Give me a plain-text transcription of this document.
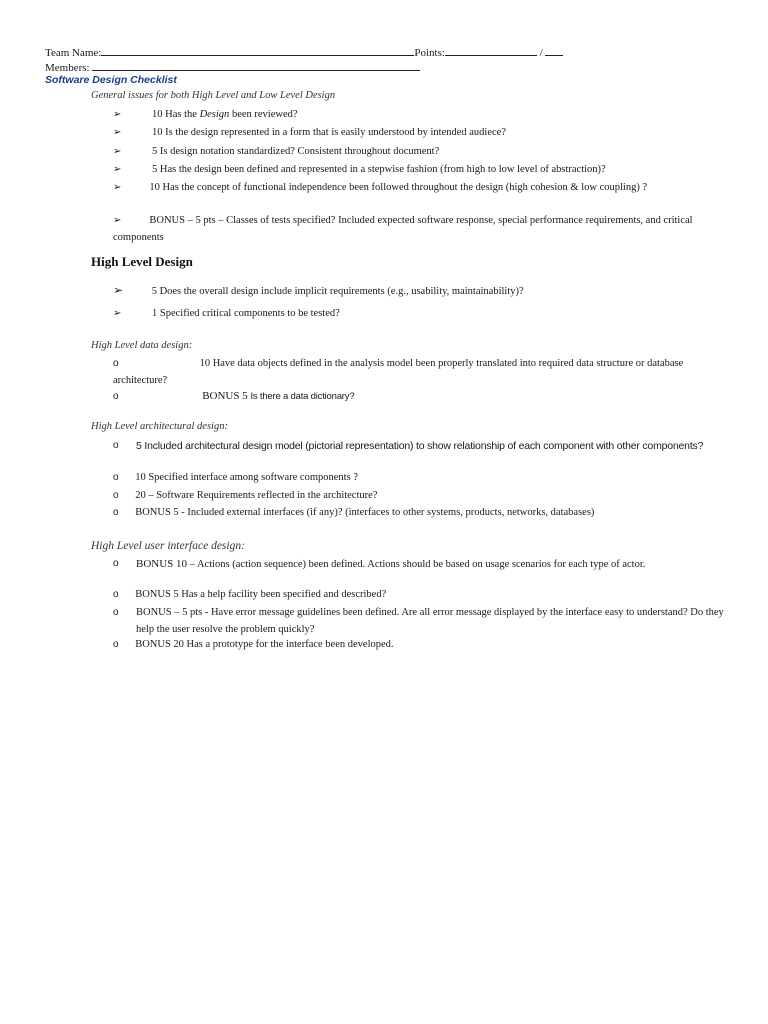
Team Name:	Points:	/
Members:
Software Design Checklist
General issues for both High Level and Low Level Design
➢	10 Has the Design been reviewed?
➢	10 Is the design represented in a form that is easily understood by intended audiece?
➢	5 Is design notation standardized? Consistent throughout document?
➢	5 Has the design been defined and represented in a stepwise fashion (from high to low level of abstraction)?
➢	10 Has the concept of functional independence been followed throughout the design (high cohesion & low coupling) ?
➢	BONUS – 5 pts – Classes of tests specified? Included expected software response, special performance requirements, and critical components
High Level Design
➢	5 Does the overall design include implicit requirements (e.g., usability, maintainability)?
➢	1 Specified critical components to be tested?
High Level data design:
o	10 Have data objects defined in the analysis model been properly translated into required data structure or database architecture?
o	BONUS 5 Is there a data dictionary?
High Level architectural design:
o 5 Included architectural design model (pictorial representation) to show relationship of each component with other components?
o 10 Specified interface among software components ?
o 20 – Software Requirements reflected in the architecture?
o BONUS 5 - Included external interfaces (if any)? (interfaces to other systems, products, networks, databases)
High Level user interface design:
o BONUS 10 – Actions (action sequence) been defined. Actions should be based on usage scenarios for each type of actor.
o BONUS 5 Has a help facility been specified and described?
o BONUS – 5 pts - Have error message guidelines been defined. Are all error message displayed by the interface easy to understand? Do they help the user resolve the problem quickly?
o BONUS 20 Has a prototype for the interface been developed.
